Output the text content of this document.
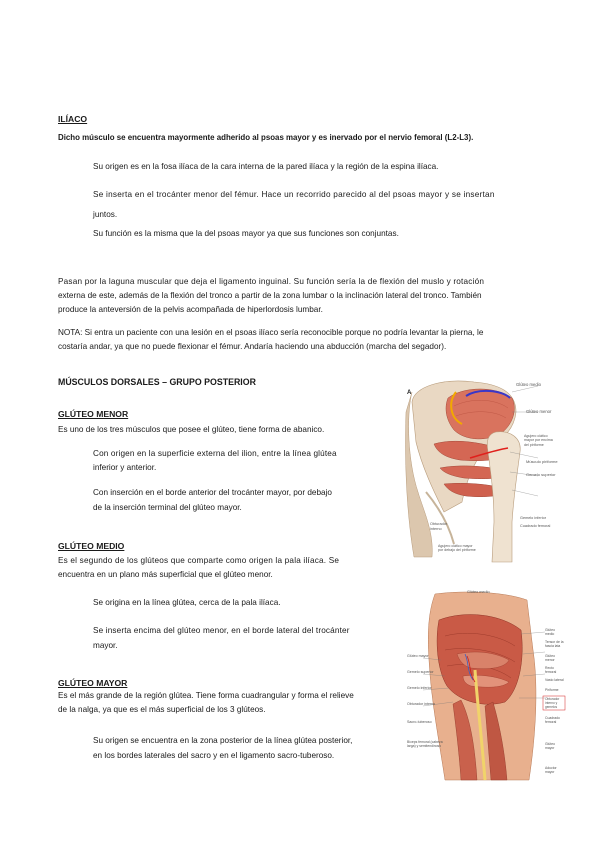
ILÍACO
Dicho músculo se encuentra mayormente adherido al psoas mayor y es inervado por el nervio femoral (L2-L3).
Su origen es en la fosa ilíaca de la cara interna de la pared ilíaca y la región de la espina ilíaca.
Se inserta en el trocánter menor del fémur. Hace un recorrido parecido al del psoas mayor y se insertan
juntos.
Su función es la misma que la del psoas mayor ya que sus funciones son conjuntas.
Pasan por la laguna muscular que deja el ligamento inguinal. Su función sería la de flexión del muslo y rotación
externa de este, además de la flexión del tronco a partir de la zona lumbar o la inclinación lateral del tronco. También
produce la anteversión de la pelvis acompañada de hiperlordosis lumbar.
NOTA: Si entra un paciente con una lesión en el psoas ilíaco sería reconocible porque no podría levantar la pierna, le
costaría andar, ya que no puede flexionar el fémur. Andaría haciendo una abducción (marcha del segador).
MÚSCULOS DORSALES – GRUPO POSTERIOR
GLÚTEO MENOR
Es uno de los tres músculos que posee el glúteo, tiene forma de abanico.
Con origen en la superficie externa del ilion, entre la línea glútea
inferior y anterior.
Con inserción en el borde anterior del trocánter mayor, por debajo
de la inserción terminal del glúteo mayor.
GLÚTEO MEDIO
Es el segundo de los glúteos que comparte como origen la pala ilíaca. Se
encuentra en un plano más superficial que el glúteo menor.
Se origina en la línea glútea, cerca de la pala ilíaca.
Se inserta encima del glúteo menor, en el borde lateral del trocánter
mayor.
GLÚTEO MAYOR
Es el más grande de la región glútea. Tiene forma cuadrangular y forma el relieve
de la nalga, ya que es el más superficial de los 3 glúteos.
Su origen se encuentra en la zona posterior de la línea glútea posterior,
en los bordes laterales del sacro y en el ligamento sacro-tuberoso.
A
Glúteo medio
Glúteo menor
Agujero ciático mayor por encima del piriforme
Músculo piriforme
Gemelo superior
Obturador interno
Agujero ciático mayor por debajo del piriforme
Gemelo inferior
Cuadrado femoral
Glúteo medio
Glúteo mayor
Gemelo superior
Gemelo inferior
Obturador interno
Sacro-tuberoso
Bíceps femoral (cabeza larga) y semitendinoso
Glúteo medio
Tensor de la fascia lata
Glúteo menor
Recto femoral
Vasto lateral
Piriforme
Obturador interno y gemelos
Cuadrado femoral
Glúteo mayor
Aductor mayor
